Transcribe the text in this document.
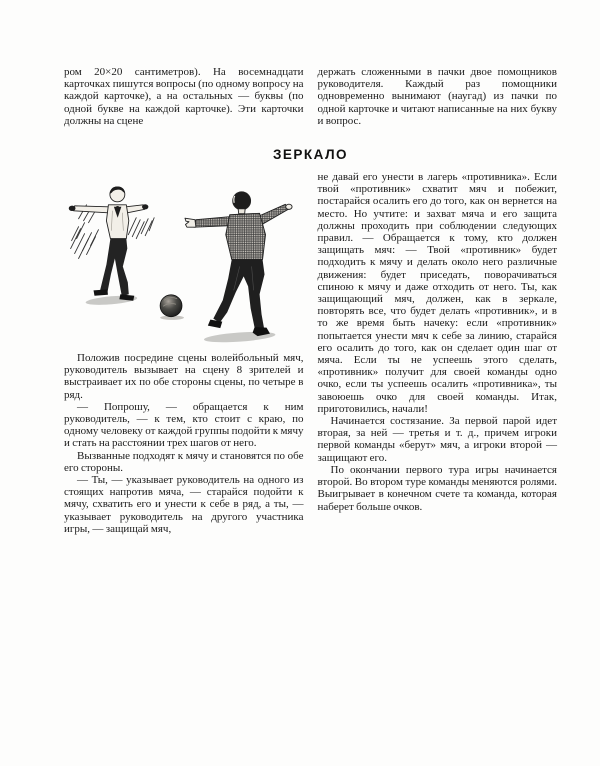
ром 20×20 сантиметров). На восемнадцати карточках пишутся вопросы (по одному вопросу на каждой карточке), а на остальных — буквы (по одной букве на каждой карточке). Эти карточки должны на сцене

держать сложенными в пачки двое помощников руководителя. Каждый раз помощники одновременно вынимают (наугад) из пачки по одной карточке и читают написанные на них букву и вопрос.

ЗЕРКАЛО

Положив посредине сцены волейбольный мяч, руководитель вызывает на сцену 8 зрителей и выстраивает их по обе стороны сцены, по четыре в ряд.

— Попрошу, — обращается к ним руководитель, — к тем, кто стоит с краю, по одному человеку от каждой группы подойти к мячу и стать на расстоянии трех шагов от него.

Вызванные подходят к мячу и становятся по обе его стороны.

— Ты, — указывает руководитель на одного из стоящих напротив мяча, — старайся подойти к мячу, схватить его и унести к себе в ряд, а ты, — указывает руководитель на другого участника игры, — защищай мяч,

не давай его унести в лагерь «противника». Если твой «противник» схватит мяч и побежит, постарайся осалить его до того, как он вернется на место. Но учтите: и захват мяча и его защита должны проходить при соблюдении следующих правил. — Обращается к тому, кто должен защищать мяч: — Твой «противник» будет подходить к мячу и делать около него различные движения: будет приседать, поворачиваться спиною к мячу и даже отходить от него. Ты, как защищающий мяч, должен, как в зеркале, повторять все, что будет делать «противник», и в то же время быть начеку: если «противник» попытается унести мяч к себе за линию, старайся его осалить до того, как он сделает один шаг от мяча. Если ты не успеешь этого сделать, «противник» получит для своей команды одно очко, если ты успеешь осалить «противника», ты завоюешь очко для своей команды. Итак, приготовились, начали!

Начинается состязание. За первой парой идет вторая, за ней — третья и т. д., причем игроки первой команды «берут» мяч, а игроки второй — защищают его.

По окончании первого тура игры начинается второй. Во втором туре команды меняются ролями. Выигрывает в конечном счете та команда, которая наберет больше очков.
